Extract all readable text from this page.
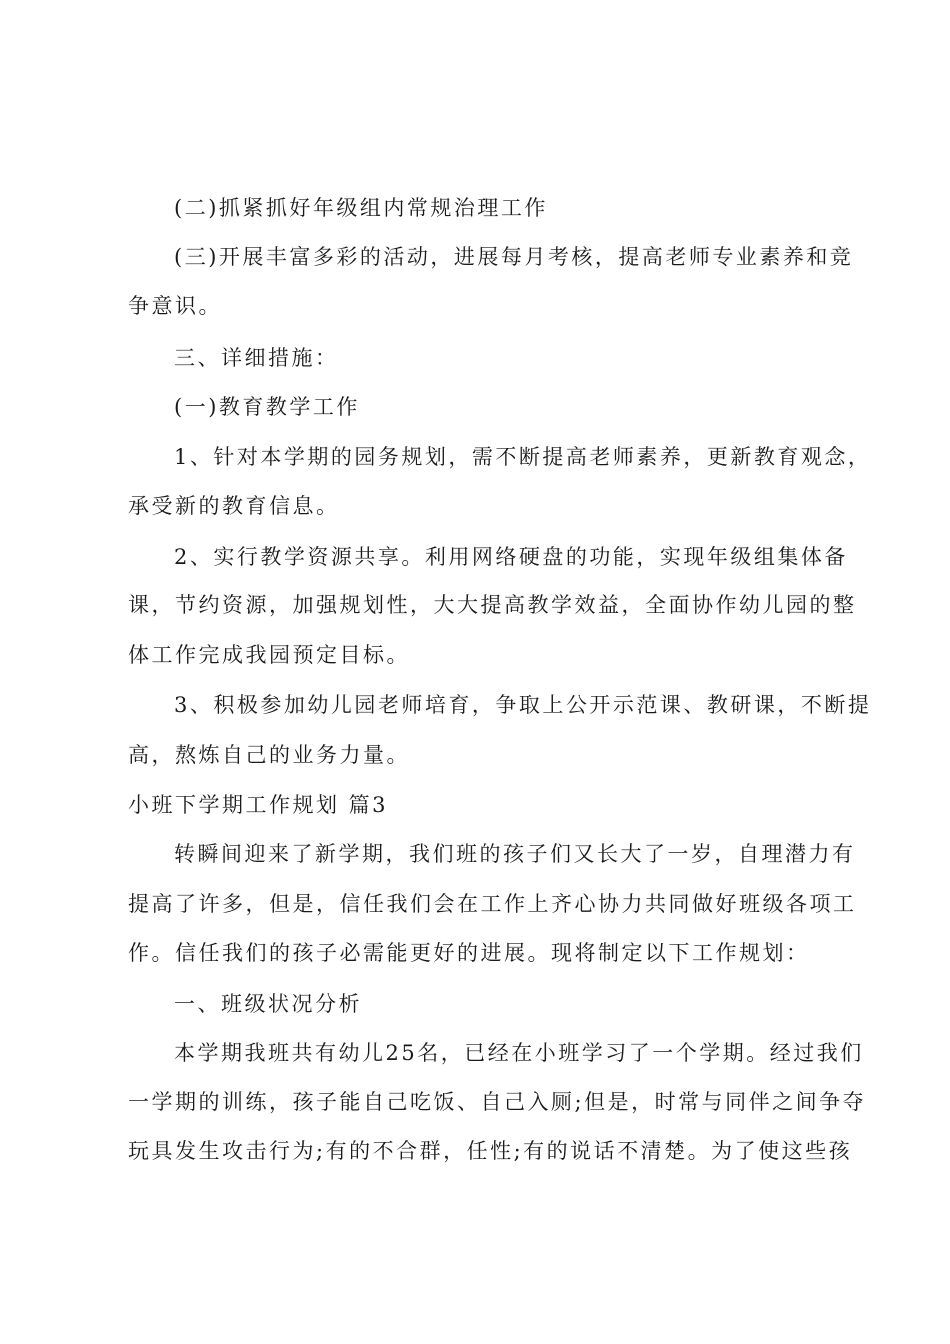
(二)抓紧抓好年级组内常规治理工作
(三)开展丰富多彩的活动，进展每月考核，提高老师专业素养和竞
争意识。
三、详细措施：
(一)教育教学工作
1、针对本学期的园务规划，需不断提高老师素养，更新教育观念，
承受新的教育信息。
2、实行教学资源共享。利用网络硬盘的功能，实现年级组集体备
课，节约资源，加强规划性，大大提高教学效益，全面协作幼儿园的整
体工作完成我园预定目标。
3、积极参加幼儿园老师培育，争取上公开示范课、教研课，不断提
高，熬炼自己的业务力量。
小班下学期工作规划 篇3
转瞬间迎来了新学期，我们班的孩子们又长大了一岁，自理潜力有
提高了许多，但是，信任我们会在工作上齐心协力共同做好班级各项工
作。信任我们的孩子必需能更好的进展。现将制定以下工作规划：
一、班级状况分析
本学期我班共有幼儿25名，已经在小班学习了一个学期。经过我们
一学期的训练，孩子能自己吃饭、自己入厕;但是，时常与同伴之间争夺
玩具发生攻击行为;有的不合群，任性;有的说话不清楚。为了使这些孩
